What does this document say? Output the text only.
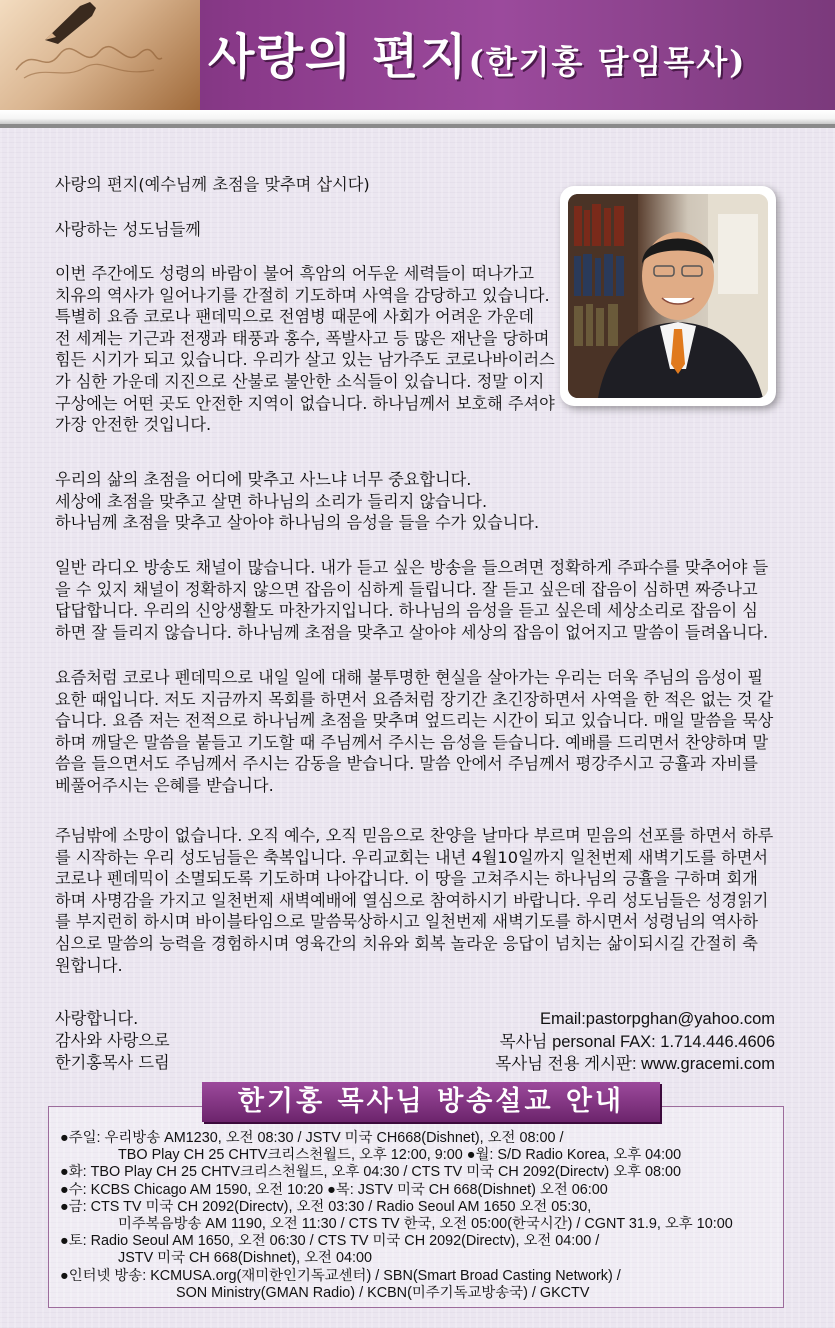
사랑의 편지(한기홍 담임목사)
사랑의 편지(예수님께 초점을 맞추며 삽시다)
사랑하는 성도님들께
이번 주간에도 성령의 바람이 불어 흑암의 어두운 세력들이 떠나가고
치유의 역사가 일어나기를 간절히 기도하며 사역을 감당하고 있습니다.
특별히 요즘 코로나 팬데믹으로 전염병 때문에 사회가 어려운 가운데
전 세계는 기근과 전쟁과 태풍과 홍수, 폭발사고 등 많은 재난을 당하며
힘든 시기가 되고 있습니다. 우리가 살고 있는 남가주도 코로나바이러스
가 심한 가운데 지진으로 산불로 불안한 소식들이 있습니다. 정말 이지
구상에는 어떤 곳도 안전한 지역이 없습니다. 하나님께서 보호해 주셔야
가장 안전한 것입니다.
우리의 삶의 초점을 어디에 맞추고 사느냐 너무 중요합니다.
세상에 초점을 맞추고 살면 하나님의 소리가 들리지 않습니다.
하나님께 초점을 맞추고 살아야 하나님의 음성을 들을 수가 있습니다.
일반 라디오 방송도 채널이 많습니다. 내가 듣고 싶은 방송을 들으려면 정확하게 주파수를 맞추어야 들
을 수 있지 채널이 정확하지 않으면 잡음이 심하게 들립니다. 잘 듣고 싶은데 잡음이 심하면 짜증나고
답답합니다. 우리의 신앙생활도 마찬가지입니다. 하나님의 음성을 듣고 싶은데 세상소리로 잡음이 심
하면 잘 들리지 않습니다. 하나님께 초점을 맞추고 살아야 세상의 잡음이 없어지고 말씀이 들려옵니다.
요즘처럼 코로나 펜데믹으로 내일 일에 대해 불투명한 현실을 살아가는 우리는 더욱 주님의 음성이 필
요한 때입니다. 저도 지금까지 목회를 하면서 요즘처럼 장기간 초긴장하면서 사역을 한 적은 없는 것 같
습니다. 요즘 저는 전적으로 하나님께 초점을 맞추며 엎드리는 시간이 되고 있습니다. 매일 말씀을 묵상
하며 깨달은 말씀을 붙들고 기도할 때 주님께서 주시는 음성을 듣습니다. 예배를 드리면서 찬양하며 말
씀을 들으면서도 주님께서 주시는 감동을 받습니다. 말씀 안에서 주님께서 평강주시고 긍휼과 자비를
베풀어주시는 은혜를 받습니다.
주님밖에 소망이 없습니다. 오직 예수, 오직 믿음으로 찬양을 날마다 부르며 믿음의 선포를 하면서 하루
를 시작하는 우리 성도님들은 축복입니다. 우리교회는 내년 4월10일까지 일천번제 새벽기도를 하면서
코로나 펜데믹이 소멸되도록 기도하며 나아갑니다. 이 땅을 고쳐주시는 하나님의 긍휼을 구하며 회개
하며 사명감을 가지고 일천번제 새벽예배에 열심으로 참여하시기 바랍니다. 우리 성도님들은 성경읽기
를 부지런히 하시며 바이블타임으로 말씀묵상하시고 일천번제 새벽기도를 하시면서 성령님의 역사하
심으로 말씀의 능력을 경험하시며 영육간의 치유와 회복 놀라운 응답이 넘치는 삶이되시길 간절히 축
원합니다.
사랑합니다.
감사와 사랑으로
한기홍목사 드림
Email:pastorpghan@yahoo.com
목사님 personal FAX: 1.714.446.4606
목사님 전용 게시판: www.gracemi.com
한기홍 목사님 방송설교 안내
●주일: 우리방송 AM1230, 오전 08:30 / JSTV 미국 CH668(Dishnet), 오전 08:00 /
TBO Play CH 25 CHTV크리스천월드, 오후 12:00, 9:00 ●월: S/D Radio Korea, 오후 04:00
●화: TBO Play CH 25 CHTV크리스천월드, 오후 04:30 / CTS TV 미국 CH 2092(Directv) 오후 08:00
●수: KCBS Chicago AM 1590, 오전 10:20 ●목: JSTV 미국 CH 668(Dishnet) 오전 06:00
●금: CTS TV 미국 CH 2092(Directv), 오전 03:30 / Radio Seoul AM 1650 오전 05:30,
미주복음방송 AM 1190, 오전 11:30 / CTS TV 한국, 오전 05:00(한국시간) / CGNT 31.9, 오후 10:00
●토: Radio Seoul AM 1650, 오전 06:30 / CTS TV 미국 CH 2092(Directv), 오전 04:00 /
JSTV 미국 CH 668(Dishnet), 오전 04:00
●인터넷 방송: KCMUSA.org(재미한인기독교센터) / SBN(Smart Broad Casting Network) /
SON Ministry(GMAN Radio) / KCBN(미주기독교방송국) / GKCTV
